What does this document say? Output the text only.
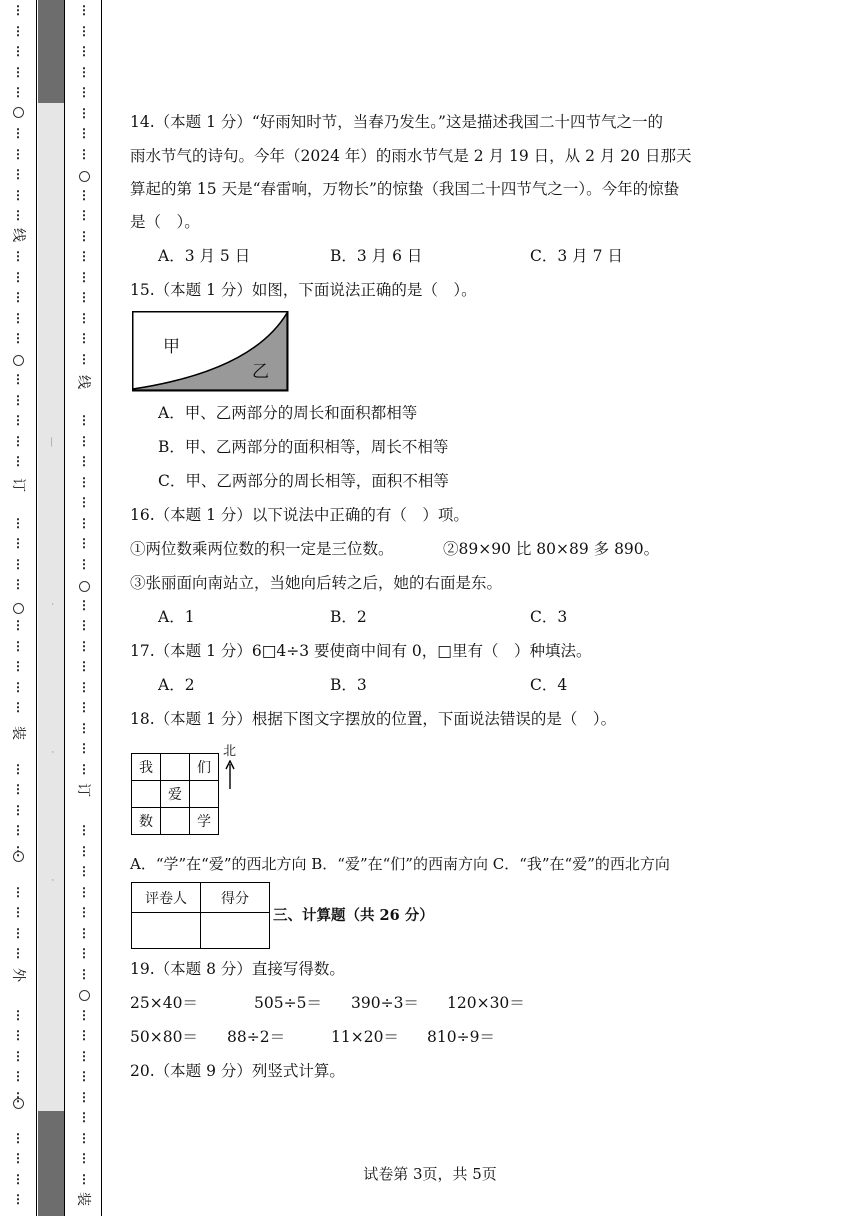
⋮
⋮
⋮
⋮
⋮
⋮
⋮
⋮
⋮
⋮
⋮
⋮
⋮
⋮
⋮
⋮
⋮
⋮
⋮
⋮
⋮
⋮
⋮
⋮
⋮
⋮
⋮
⋮
⋮
⋮
⋮
⋮
⋮
⋮
⋮
⋮
⋮
⋮
⋮
⋮
⋮
⋮
⋮
⋮
⋮
⋮
⋮
线
订
装
外
—
·
·
·
⋮
⋮
⋮
⋮
⋮
⋮
⋮
⋮
⋮
⋮
⋮
⋮
⋮
⋮
⋮
⋮
⋮
⋮
⋮
⋮
⋮
⋮
⋮
⋮
⋮
⋮
⋮
⋮
⋮
⋮
⋮
⋮
⋮
⋮
⋮
⋮
⋮
⋮
⋮
⋮
⋮
⋮
⋮
⋮
⋮
⋮
⋮
⋮
⋮
⋮
⋮
线
订
装
14.（本题 1 分）“好雨知时节，当春乃发生。”这是描述我国二十四节气之一的
雨水节气的诗句。今年（2024 年）的雨水节气是 2 月 19 日，从 2 月 20 日那天
算起的第 15 天是“春雷响，万物长”的惊蛰（我国二十四节气之一）。今年的惊蛰
是（　）。
A．3 月 5 日	B．3 月 6 日	C．3 月 7 日
15.（本题 1 分）如图，下面说法正确的是（　）。
甲
乙
A．甲、乙两部分的周长和面积都相等
B．甲、乙两部分的面积相等，周长不相等
C．甲、乙两部分的周长相等，面积不相等
16.（本题 1 分）以下说法中正确的有（　）项。
①两位数乘两位数的积一定是三位数。	②89×90 比 80×89 多 890。
③张丽面向南站立，当她向后转之后，她的右面是东。
A．1	B．2	C．3
17.（本题 1 分）6□4÷3 要使商中间有 0，□里有（　）种填法。
A．2	B．3	C．4
18.（本题 1 分）根据下图文字摆放的位置，下面说法错误的是（　）。
我		们
	爱	
数		学
北
A．“学”在“爱”的西北方向 B．“爱”在“们”的西南方向 C．“我”在“爱”的西北方向
评卷人	得分

三、计算题（共 26 分）
19.（本题 8 分）直接写得数。
25×40＝	505÷5＝ 390÷3＝ 120×30＝
50×80＝ 88÷2＝	11×20＝ 810÷9＝
20.（本题 9 分）列竖式计算。
试卷第 3页，共 5页
